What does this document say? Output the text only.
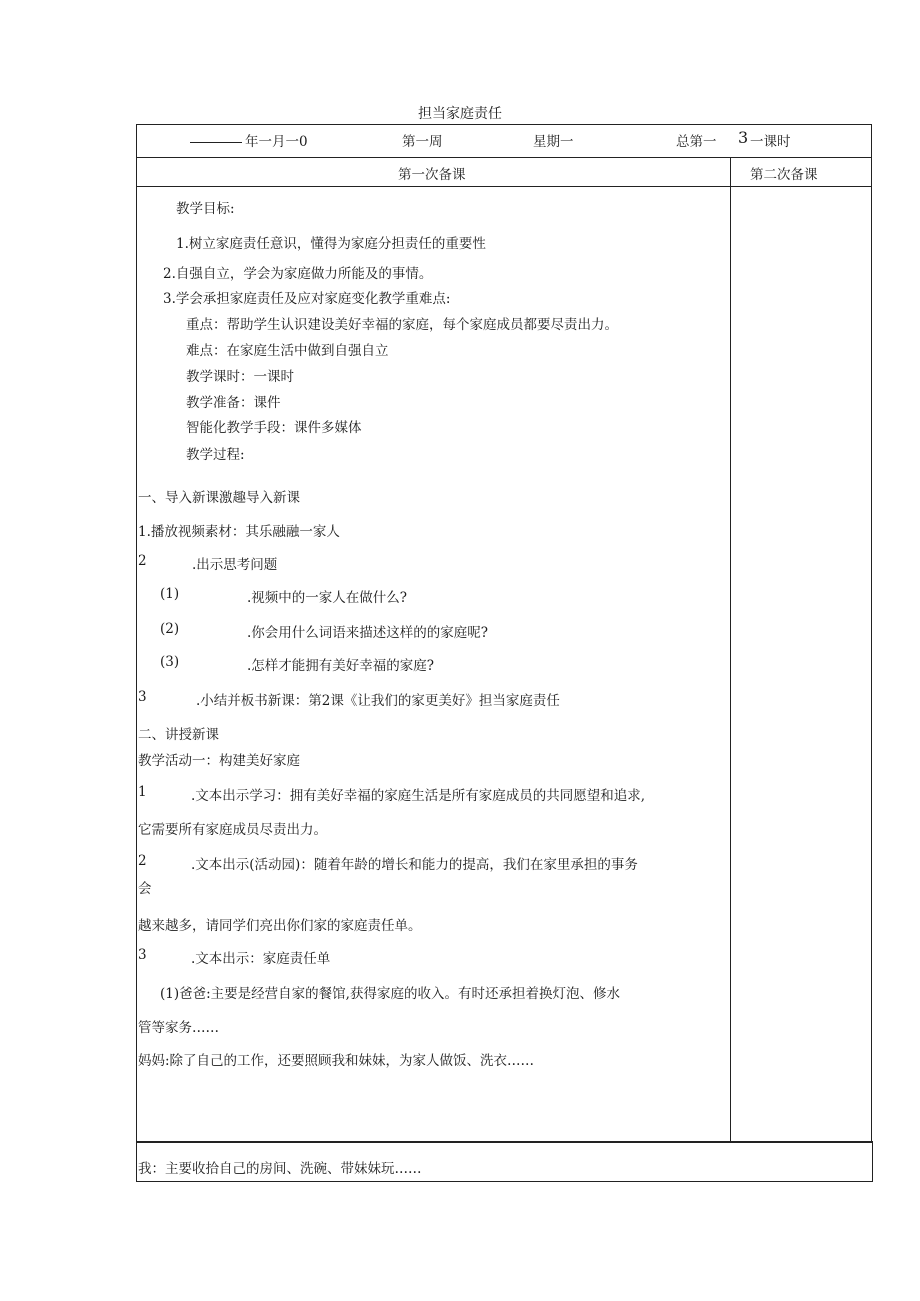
担当家庭责任
年一月一0	第一周	星期一	总第一 3 一课时
第一次备课	第二次备课
教学目标:
1.树立家庭责任意识，懂得为家庭分担责任的重要性
2.自强自立，学会为家庭做力所能及的事情。
3.学会承担家庭责任及应对家庭变化教学重难点:
重点：帮助学生认识建设美好幸福的家庭，每个家庭成员都要尽责出力。
难点：在家庭生活中做到自强自立
教学课时：一课时
教学准备：课件
智能化教学手段：课件多媒体
教学过程:
一、导入新课激趣导入新课
1.播放视频素材：其乐融融一家人
2	.出示思考问题
(1)	.视频中的一家人在做什么?
(2)	.你会用什么词语来描述这样的的家庭呢?
(3)	.怎样才能拥有美好幸福的家庭?
3	.小结并板书新课：第2课《让我们的家更美好》担当家庭责任
二、讲授新课
教学活动一：构建美好家庭
1	.文本出示学习：拥有美好幸福的家庭生活是所有家庭成员的共同愿望和追求,
它需要所有家庭成员尽责出力。
2	.文本出示(活动园)：随着年龄的增长和能力的提高，我们在家里承担的事务
会
越来越多，请同学们亮出你们家的家庭责任单。
3	.文本出示：家庭责任单
(1)爸爸:主要是经营自家的餐馆,获得家庭的收入。有时还承担着换灯泡、修水
管等家务……
妈妈:除了自己的工作，还要照顾我和妹妹，为家人做饭、洗衣……
我：主要收拾自己的房间、洗碗、带妹妹玩……
